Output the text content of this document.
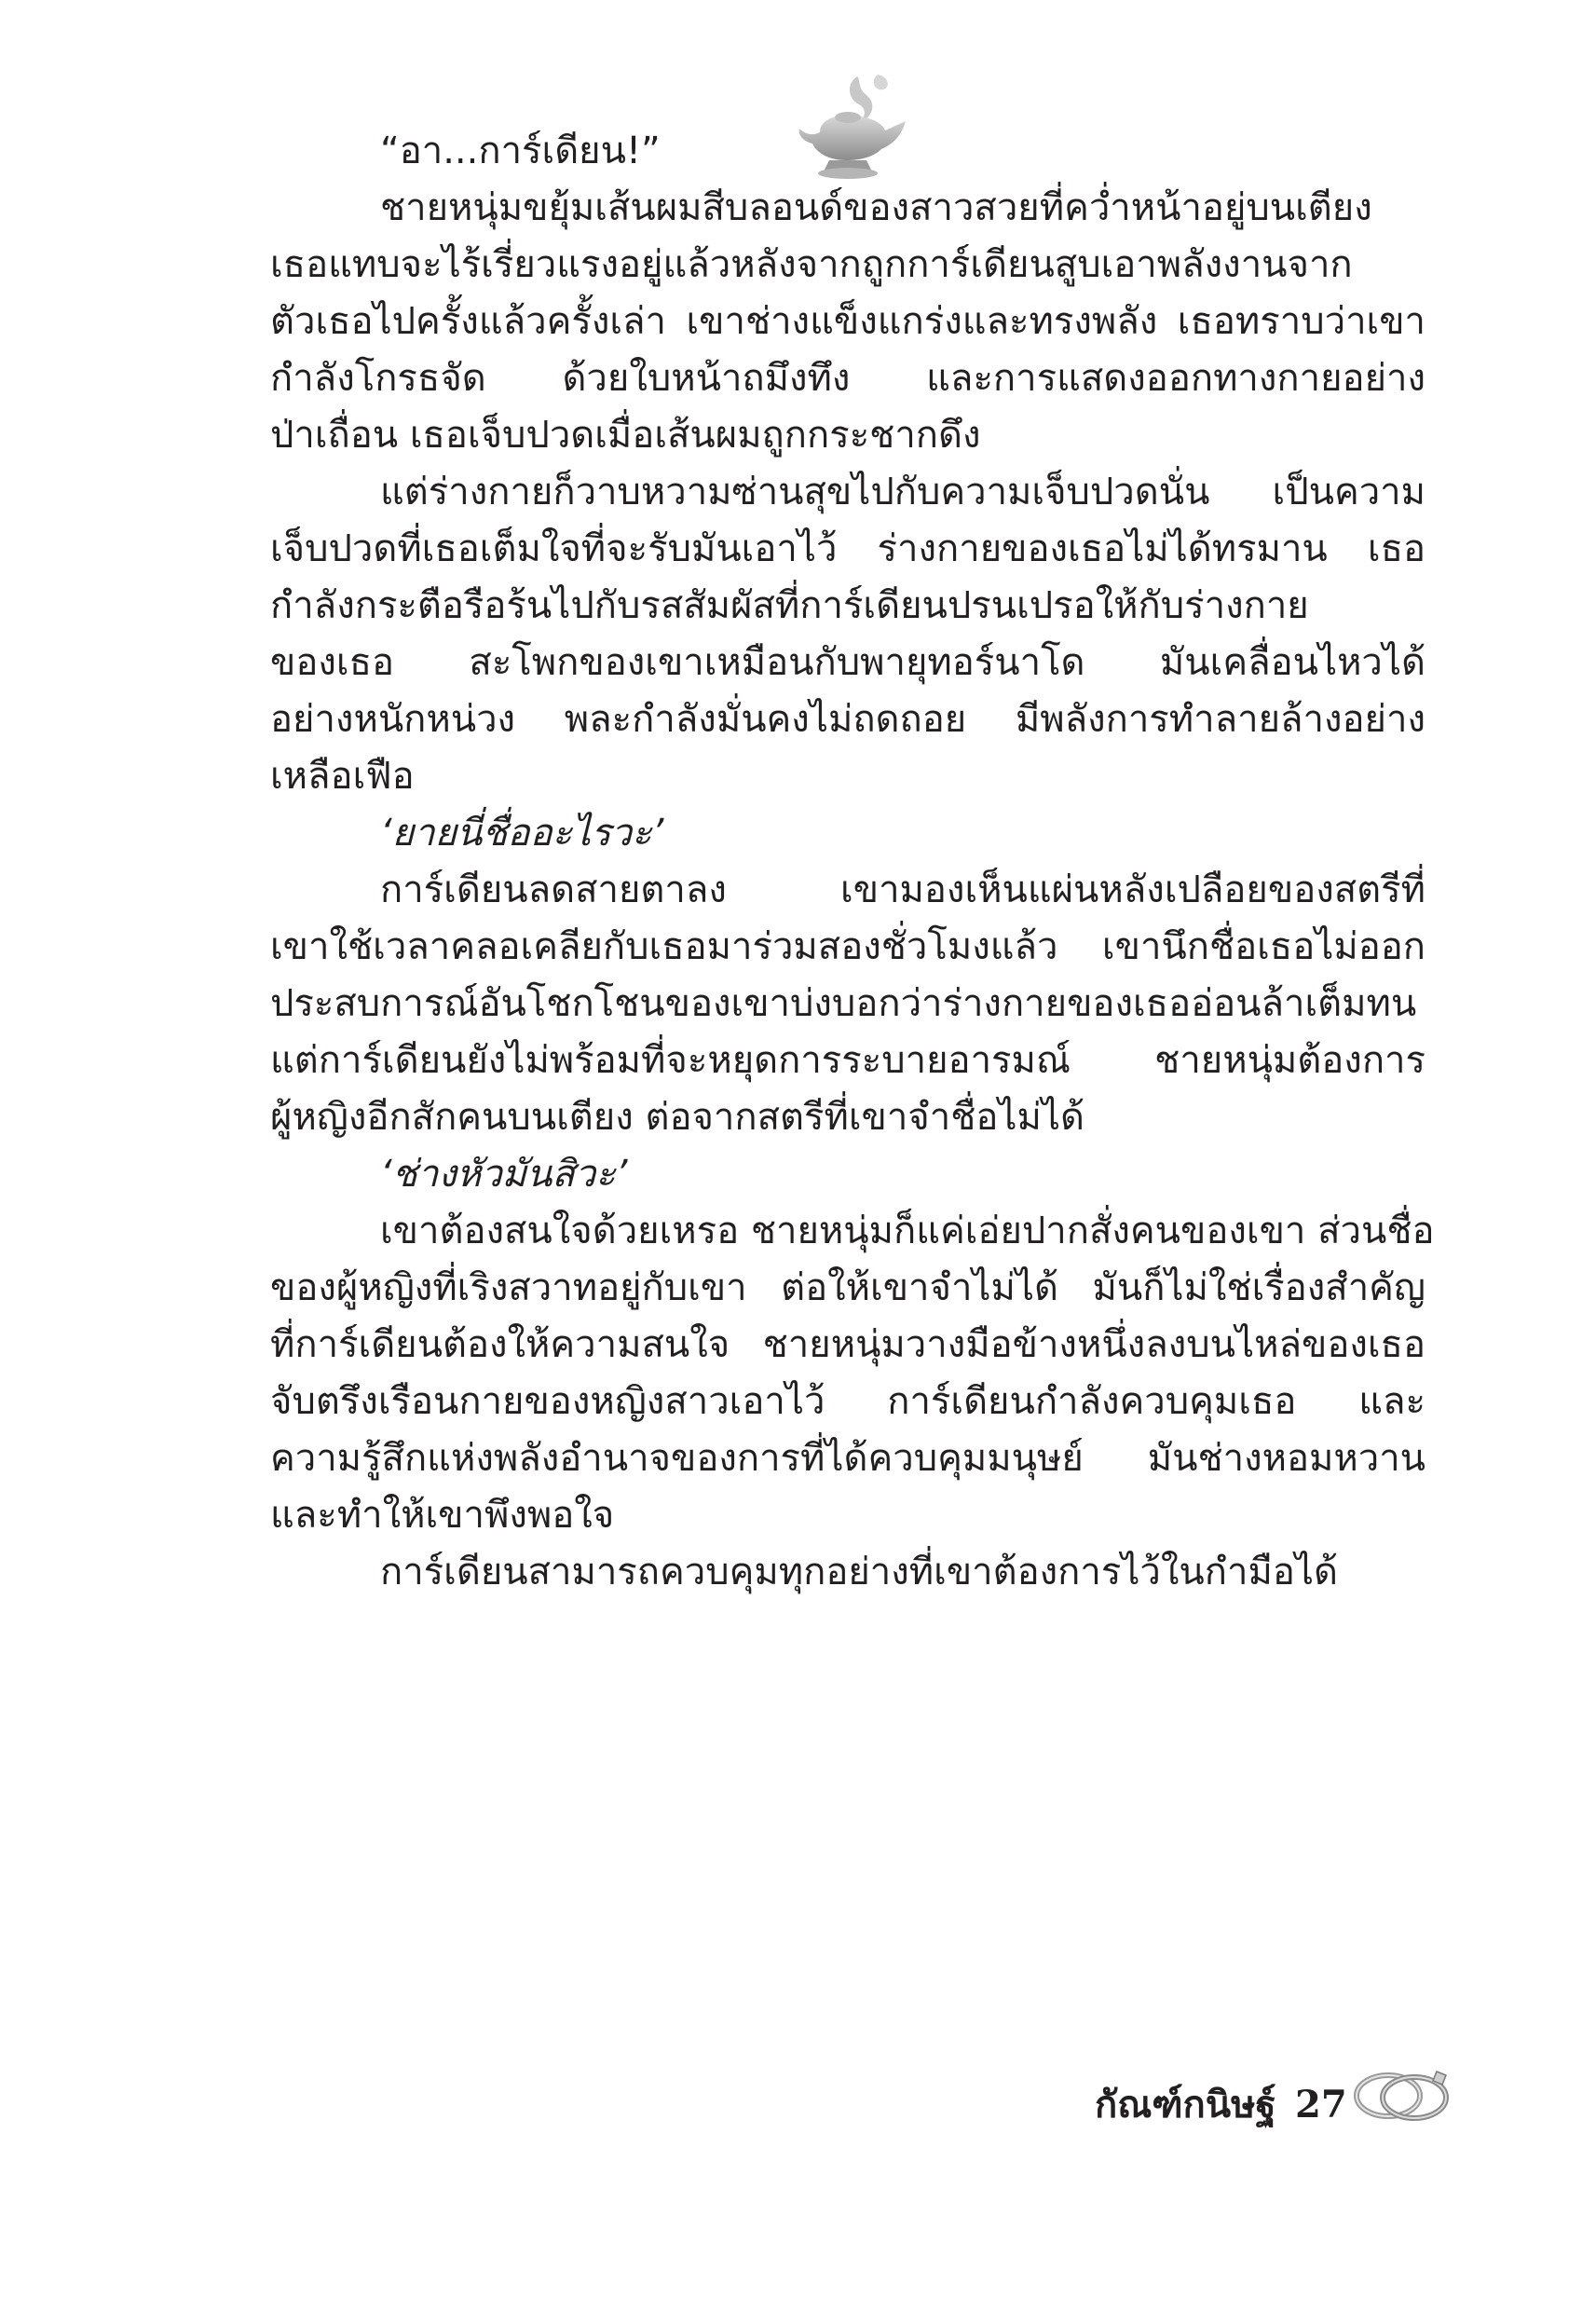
“อา...การ์เดียน!”
ชายหนุ่มขยุ้มเส้นผมสีบลอนด์ของสาวสวยที่คว่ำหน้าอยู่บนเตียง
เธอแทบจะไร้เรี่ยวแรงอยู่แล้วหลังจากถูกการ์เดียนสูบเอาพลังงานจาก
ตัวเธอไปครั้งแล้วครั้งเล่า เขาช่างแข็งแกร่งและทรงพลัง เธอทราบว่าเขา
กำลังโกรธจัด ด้วยใบหน้าถมึงทึง และการแสดงออกทางกายอย่าง
ป่าเถื่อน เธอเจ็บปวดเมื่อเส้นผมถูกกระชากดึง
แต่ร่างกายก็วาบหวามซ่านสุขไปกับความเจ็บปวดนั่น เป็นความ
เจ็บปวดที่เธอเต็มใจที่จะรับมันเอาไว้ ร่างกายของเธอไม่ได้ทรมาน เธอ
กำลังกระตือรือร้นไปกับรสสัมผัสที่การ์เดียนปรนเปรอให้กับร่างกาย
ของเธอ สะโพกของเขาเหมือนกับพายุทอร์นาโด มันเคลื่อนไหวได้
อย่างหนักหน่วง พละกำลังมั่นคงไม่ถดถอย มีพลังการทำลายล้างอย่าง
เหลือเฟือ
‘ยายนี่ชื่ออะไรวะ’
การ์เดียนลดสายตาลง เขามองเห็นแผ่นหลังเปลือยของสตรีที่
เขาใช้เวลาคลอเคลียกับเธอมาร่วมสองชั่วโมงแล้ว เขานึกชื่อเธอไม่ออก
ประสบการณ์อันโชกโชนของเขาบ่งบอกว่าร่างกายของเธออ่อนล้าเต็มทน
แต่การ์เดียนยังไม่พร้อมที่จะหยุดการระบายอารมณ์ ชายหนุ่มต้องการ
ผู้หญิงอีกสักคนบนเตียง ต่อจากสตรีที่เขาจำชื่อไม่ได้
‘ช่างหัวมันสิวะ’
เขาต้องสนใจด้วยเหรอ ชายหนุ่มก็แค่เอ่ยปากสั่งคนของเขา ส่วนชื่อ
ของผู้หญิงที่เริงสวาทอยู่กับเขา ต่อให้เขาจำไม่ได้ มันก็ไม่ใช่เรื่องสำคัญ
ที่การ์เดียนต้องให้ความสนใจ ชายหนุ่มวางมือข้างหนึ่งลงบนไหล่ของเธอ
จับตรึงเรือนกายของหญิงสาวเอาไว้ การ์เดียนกำลังควบคุมเธอ และ
ความรู้สึกแห่งพลังอำนาจของการที่ได้ควบคุมมนุษย์ มันช่างหอมหวาน
และทำให้เขาพึงพอใจ
การ์เดียนสามารถควบคุมทุกอย่างที่เขาต้องการไว้ในกำมือได้
กัณฑ์กนิษฐ์ 27
